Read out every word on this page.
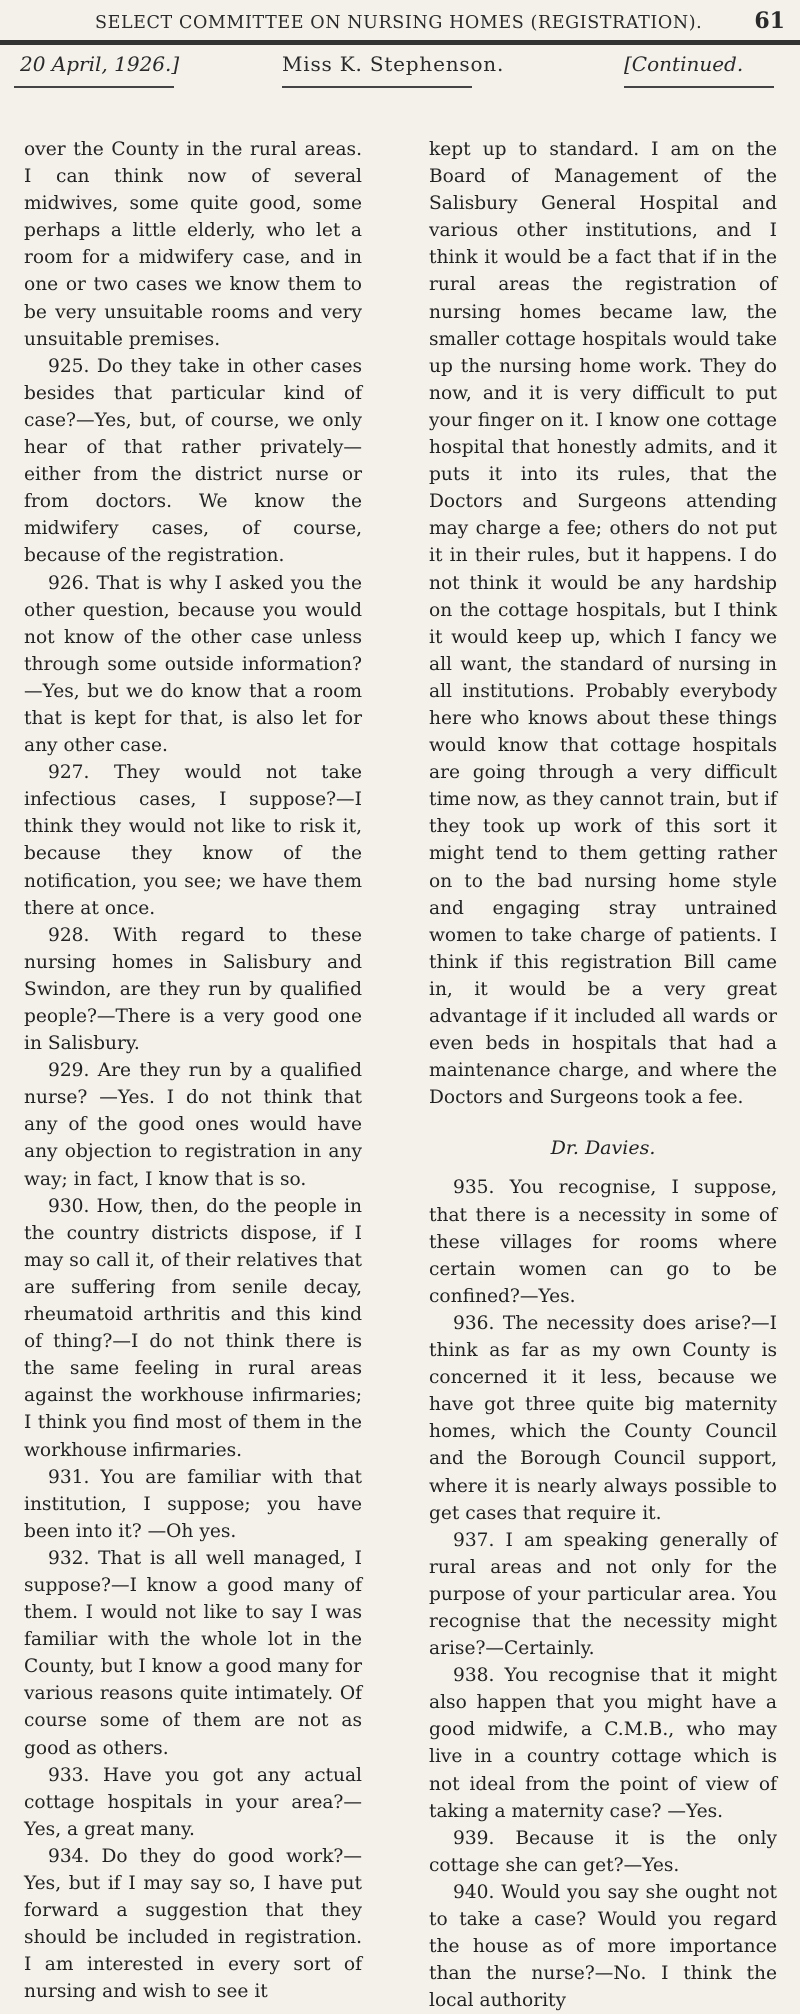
SELECT COMMITTEE ON NURSING HOMES (REGISTRATION). 61
20 April, 1926.]	Miss K. Stephenson.	[Continued.

over the County in the rural areas. I can think now of several midwives, some quite good, some perhaps a little elderly, who let a room for a midwifery case, and in one or two cases we know them to be very unsuitable rooms and very unsuitable premises.

925. Do they take in other cases besides that particular kind of case?—Yes, but, of course, we only hear of that rather privately—either from the district nurse or from doctors. We know the midwifery cases, of course, because of the registration.

926. That is why I asked you the other question, because you would not know of the other case unless through some outside information?—Yes, but we do know that a room that is kept for that, is also let for any other case.

927. They would not take infectious cases, I suppose?—I think they would not like to risk it, because they know of the notification, you see; we have them there at once.

928. With regard to these nursing homes in Salisbury and Swindon, are they run by qualified people?—There is a very good one in Salisbury.

929. Are they run by a qualified nurse? —Yes. I do not think that any of the good ones would have any objection to registration in any way; in fact, I know that is so.

930. How, then, do the people in the country districts dispose, if I may so call it, of their relatives that are suffering from senile decay, rheumatoid arthritis and this kind of thing?—I do not think there is the same feeling in rural areas against the workhouse infirmaries; I think you find most of them in the workhouse infirmaries.

931. You are familiar with that institution, I suppose; you have been into it? —Oh yes.

932. That is all well managed, I suppose?—I know a good many of them. I would not like to say I was familiar with the whole lot in the County, but I know a good many for various reasons quite intimately. Of course some of them are not as good as others.

933. Have you got any actual cottage hospitals in your area?—Yes, a great many.

934. Do they do good work?—Yes, but if I may say so, I have put forward a suggestion that they should be included in registration. I am interested in every sort of nursing and wish to see it

kept up to standard. I am on the Board of Management of the Salisbury General Hospital and various other institutions, and I think it would be a fact that if in the rural areas the registration of nursing homes became law, the smaller cottage hospitals would take up the nursing home work. They do now, and it is very difficult to put your finger on it. I know one cottage hospital that honestly admits, and it puts it into its rules, that the Doctors and Surgeons attending may charge a fee; others do not put it in their rules, but it happens. I do not think it would be any hardship on the cottage hospitals, but I think it would keep up, which I fancy we all want, the standard of nursing in all institutions. Probably everybody here who knows about these things would know that cottage hospitals are going through a very difficult time now, as they cannot train, but if they took up work of this sort it might tend to them getting rather on to the bad nursing home style and engaging stray untrained women to take charge of patients. I think if this registration Bill came in, it would be a very great advantage if it included all wards or even beds in hospitals that had a maintenance charge, and where the Doctors and Surgeons took a fee.

Dr. Davies.

935. You recognise, I suppose, that there is a necessity in some of these villages for rooms where certain women can go to be confined?—Yes.

936. The necessity does arise?—I think as far as my own County is concerned it it less, because we have got three quite big maternity homes, which the County Council and the Borough Council support, where it is nearly always possible to get cases that require it.

937. I am speaking generally of rural areas and not only for the purpose of your particular area. You recognise that the necessity might arise?—Certainly.

938. You recognise that it might also happen that you might have a good midwife, a C.M.B., who may live in a country cottage which is not ideal from the point of view of taking a maternity case? —Yes.

939. Because it is the only cottage she can get?—Yes.

940. Would you say she ought not to take a case? Would you regard the house as of more importance than the nurse?—No. I think the local authority
